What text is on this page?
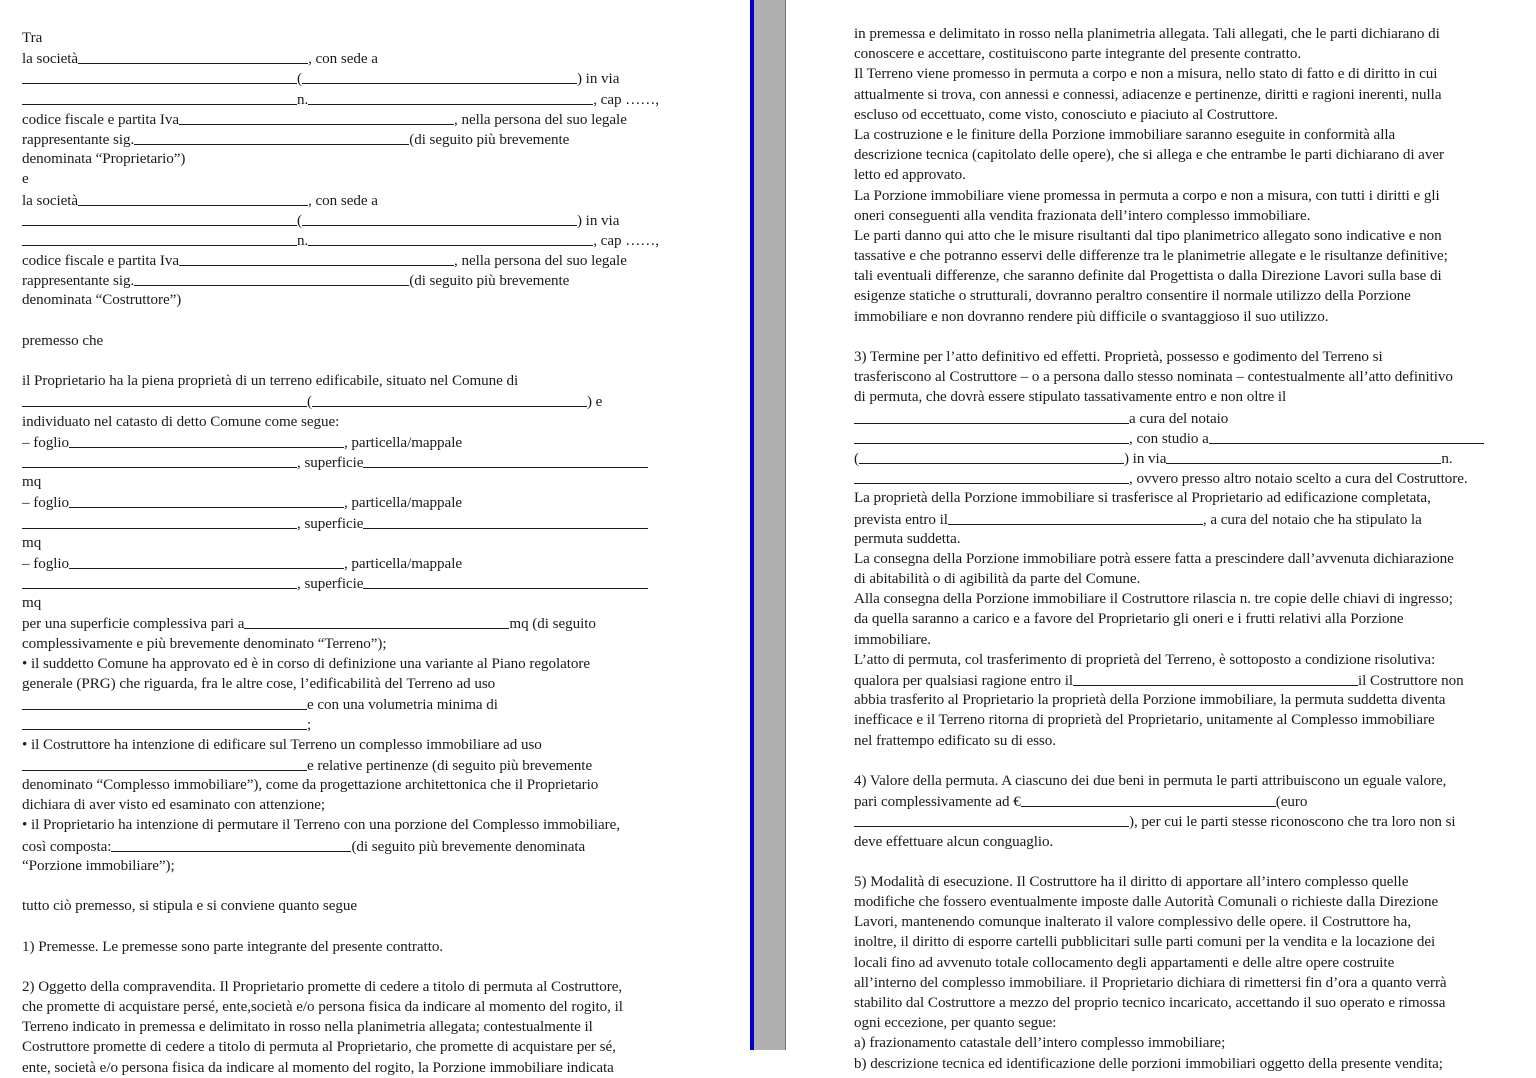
Tra

la società	, con sede a

(	) in via

n.	, cap ……,

codice fiscale e partita Iva	, nella persona del suo legale

rappresentante sig.	(di seguito più brevemente

denominata “Proprietario”)

e

la società	, con sede a

(	) in via

n.	, cap ……,

codice fiscale e partita Iva	, nella persona del suo legale

rappresentante sig.	(di seguito più brevemente

denominata “Costruttore”)

premesso che

il Proprietario ha la piena proprietà di un terreno edificabile, situato nel Comune di

(	) e

individuato nel catasto di detto Comune come segue:

– foglio	, particella/mappale

, superficie

mq

– foglio	, particella/mappale

, superficie

mq

– foglio	, particella/mappale

, superficie

mq

per una superficie complessiva pari a	mq (di seguito

complessivamente e più brevemente denominato “Terreno”);

• il suddetto Comune ha approvato ed è in corso di definizione una variante al Piano regolatore

generale (PRG) che riguarda, fra le altre cose, l’edificabilità del Terreno ad uso

e con una volumetria minima di

;

• il Costruttore ha intenzione di edificare sul Terreno un complesso immobiliare ad uso

e relative pertinenze (di seguito più brevemente

denominato “Complesso immobiliare”), come da progettazione architettonica che il Proprietario

dichiara di aver visto ed esaminato con attenzione;

• il Proprietario ha intenzione di permutare il Terreno con una porzione del Complesso immobiliare,

così composta:	(di seguito più brevemente denominata

“Porzione immobiliare”);

tutto ciò premesso, si stipula e si conviene quanto segue

1) Premesse. Le premesse sono parte integrante del presente contratto.

2) Oggetto della compravendita. Il Proprietario promette di cedere a titolo di permuta al Costruttore,

che promette di acquistare persé, ente,società e/o persona fisica da indicare al momento del rogito, il

Terreno indicato in premessa e delimitato in rosso nella planimetria allegata; contestualmente il

Costruttore promette di cedere a titolo di permuta al Proprietario, che promette di acquistare per sé,

ente, società e/o persona fisica da indicare al momento del rogito, la Porzione immobiliare indicata

in premessa e delimitato in rosso nella planimetria allegata. Tali allegati, che le parti dichiarano di

conoscere e accettare, costituiscono parte integrante del presente contratto.

Il Terreno viene promesso in permuta a corpo e non a misura, nello stato di fatto e di diritto in cui

attualmente si trova, con annessi e connessi, adiacenze e pertinenze, diritti e ragioni inerenti, nulla

escluso od eccettuato, come visto, conosciuto e piaciuto al Costruttore.

La costruzione e le finiture della Porzione immobiliare saranno eseguite in conformità alla

descrizione tecnica (capitolato delle opere), che si allega e che entrambe le parti dichiarano di aver

letto ed approvato.

La Porzione immobiliare viene promessa in permuta a corpo e non a misura, con tutti i diritti e gli

oneri conseguenti alla vendita frazionata dell’intero complesso immobiliare.

Le parti danno qui atto che le misure risultanti dal tipo planimetrico allegato sono indicative e non

tassative e che potranno esservi delle differenze tra le planimetrie allegate e le risultanze definitive;

tali eventuali differenze, che saranno definite dal Progettista o dalla Direzione Lavori sulla base di

esigenze statiche o strutturali, dovranno peraltro consentire il normale utilizzo della Porzione

immobiliare e non dovranno rendere più difficile o svantaggioso il suo utilizzo.

3) Termine per l’atto definitivo ed effetti. Proprietà, possesso e godimento del Terreno si

trasferiscono al Costruttore – o a persona dallo stesso nominata – contestualmente all’atto definitivo

di permuta, che dovrà essere stipulato tassativamente entro e non oltre il

a cura del notaio

, con studio a

(	) in via	n.

, ovvero presso altro notaio scelto a cura del Costruttore.

La proprietà della Porzione immobiliare si trasferisce al Proprietario ad edificazione completata,

prevista entro il	, a cura del notaio che ha stipulato la

permuta suddetta.

La consegna della Porzione immobiliare potrà essere fatta a prescindere dall’avvenuta dichiarazione

di abitabilità o di agibilità da parte del Comune.

Alla consegna della Porzione immobiliare il Costruttore rilascia n. tre copie delle chiavi di ingresso;

da quella saranno a carico e a favore del Proprietario gli oneri e i frutti relativi alla Porzione

immobiliare.

L’atto di permuta, col trasferimento di proprietà del Terreno, è sottoposto a condizione risolutiva:

qualora per qualsiasi ragione entro il	il Costruttore non

abbia trasferito al Proprietario la proprietà della Porzione immobiliare, la permuta suddetta diventa

inefficace e il Terreno ritorna di proprietà del Proprietario, unitamente al Complesso immobiliare

nel frattempo edificato su di esso.

4) Valore della permuta. A ciascuno dei due beni in permuta le parti attribuiscono un eguale valore,

pari complessivamente ad €	(euro

), per cui le parti stesse riconoscono che tra loro non si

deve effettuare alcun conguaglio.

5) Modalità di esecuzione. Il Costruttore ha il diritto di apportare all’intero complesso quelle

modifiche che fossero eventualmente imposte dalle Autorità Comunali o richieste dalla Direzione

Lavori, mantenendo comunque inalterato il valore complessivo delle opere. il Costruttore ha,

inoltre, il diritto di esporre cartelli pubblicitari sulle parti comuni per la vendita e la locazione dei

locali fino ad avvenuto totale collocamento degli appartamenti e delle altre opere costruite

all’interno del complesso immobiliare. il Proprietario dichiara di rimettersi fin d’ora a quanto verrà

stabilito dal Costruttore a mezzo del proprio tecnico incaricato, accettando il suo operato e rimossa

ogni eccezione, per quanto segue:

a) frazionamento catastale dell’intero complesso immobiliare;

b) descrizione tecnica ed identificazione delle porzioni immobiliari oggetto della presente vendita;
